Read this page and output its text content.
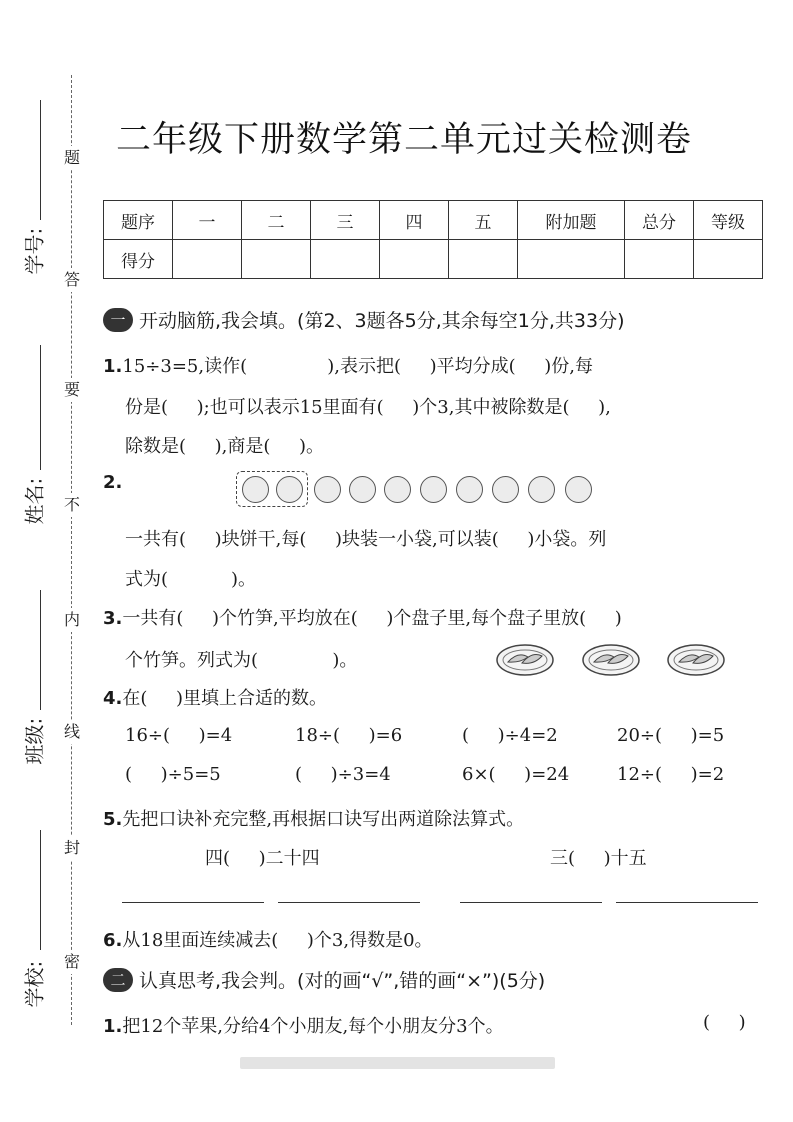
题
答
要
不
内
线
封
密
学号:
姓名:
班级:
学校:
二年级下册数学第二单元过关检测卷
题序	一	二	三	四	五	附加题	总分	等级
得分								
一 开动脑筋,我会填。(第2、3题各5分,其余每空1分,共33分)
1.15÷3=5,读作(              ),表示把(     )平均分成(     )份,每
份是(     );也可以表示15里面有(     )个3,其中被除数是(     ),
除数是(     ),商是(     )。
2.
一共有(     )块饼干,每(     )块装一小袋,可以装(     )小袋。列
式为(           )。
3.一共有(     )个竹笋,平均放在(     )个盘子里,每个盘子里放(     )
个竹笋。列式为(             )。
4.在(     )里填上合适的数。
16÷(     )=4	18÷(     )=6	(     )÷4=2	20÷(     )=5
(     )÷5=5	(     )÷3=4	6×(     )=24	12÷(     )=2
5.先把口诀补充完整,再根据口诀写出两道除法算式。
四(     )二十四	三(     )十五
6.从18里面连续减去(     )个3,得数是0。
二 认真思考,我会判。(对的画“√”,错的画“×”)(5分)
1.把12个苹果,分给4个小朋友,每个小朋友分3个。	(     )
